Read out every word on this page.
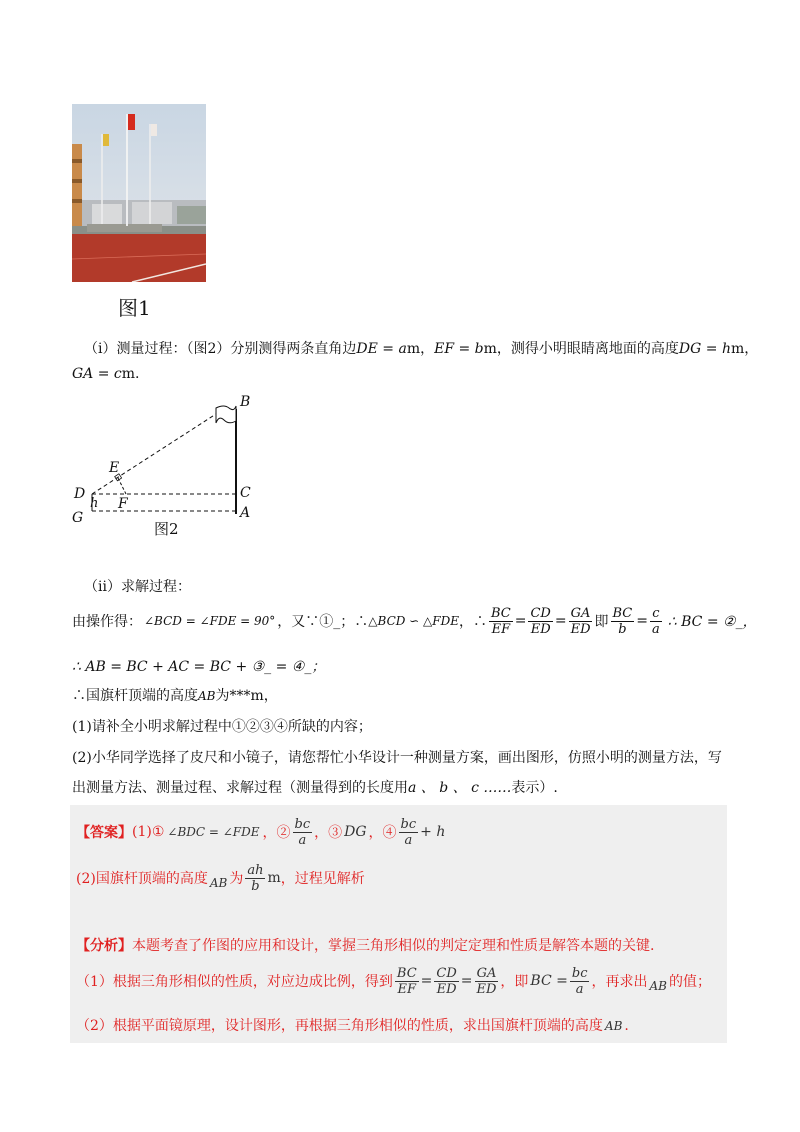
图1
（i）测量过程：（图2）分别测得两条直角边DE = am，EF = bm，测得小明眼睛离地面的高度DG = hm，
GA = cm.
B
E
D	C
h F
G	A
图2
（ii）求解过程：
由操作得： ∠BCD = ∠FDE = 90° ，又∵①_；∴ △BCD ∽ △FDE ，∴ $\frac{BC}{EF} = \frac{CD}{ED} = \frac{GA}{ED}$ 即 $\frac{BC}{b} = \frac{c}{a}$ ∴ BC = ②_，
∴ AB = BC + AC = BC + ③_ = ④_；
∴国旗杆顶端的高度AB为***m，
(1)请补全小明求解过程中①②③④所缺的内容；
(2)小华同学选择了皮尺和小镜子，请您帮忙小华设计一种测量方案，画出图形，仿照小明的测量方法，写
出测量方法、测量过程、求解过程（测量得到的长度用a 、 b 、 c ……表示）.
【答案】 (1)① ∠BDC = ∠FDE ，② $\frac{bc}{a}$ ，③ DG ，④ $\frac{bc}{a} + h$
(2)国旗杆顶端的高度 AB 为 $\frac{ah}{b}$ m ，过程见解析
【分析】本题考查了作图的应用和设计，掌握三角形相似的判定定理和性质是解答本题的关键.
（1）根据三角形相似的性质，对应边成比例，得到 $\frac{BC}{EF} = \frac{CD}{ED} = \frac{GA}{ED}$ ，即 BC = $\frac{bc}{a}$ ，再求出 AB 的值；
（2）根据平面镜原理，设计图形，再根据三角形相似的性质，求出国旗杆顶端的高度 AB .
